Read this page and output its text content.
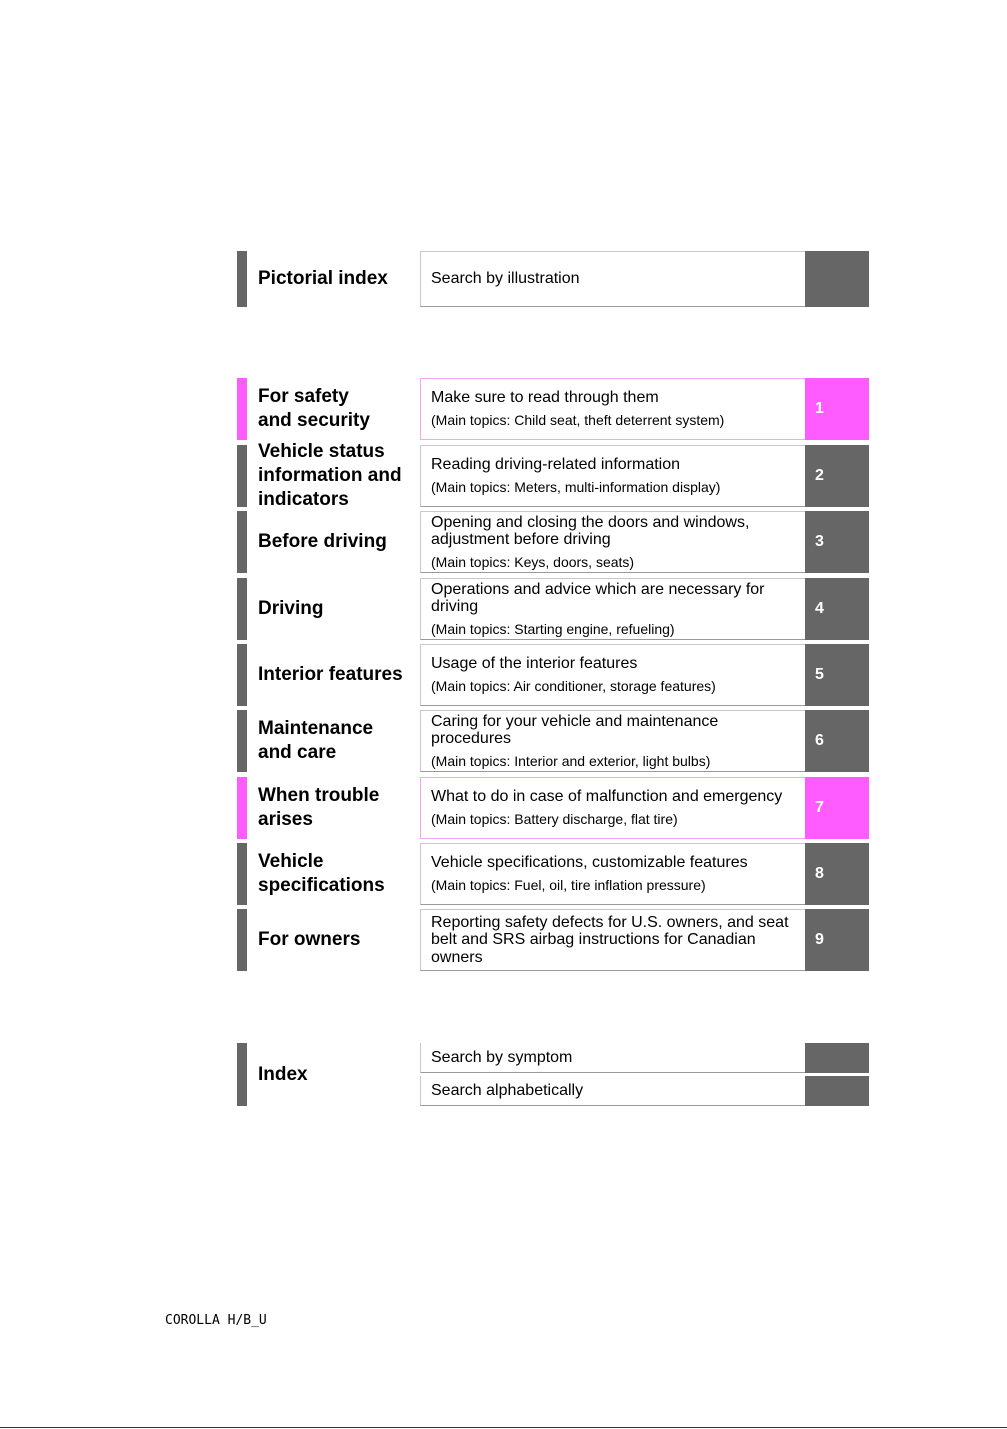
Pictorial index	Search by illustration
For safety
and security
Make sure to read through them
(Main topics: Child seat, theft deterrent system)
1
Vehicle status
information and
indicators
Reading driving-related information
(Main topics: Meters, multi-information display)
2
Before driving
Opening and closing the doors and windows, adjustment before driving
(Main topics: Keys, doors, seats)
3
Driving
Operations and advice which are necessary for driving
(Main topics: Starting engine, refueling)
4
Interior features
Usage of the interior features
(Main topics: Air conditioner, storage features)
5
Maintenance
and care
Caring for your vehicle and maintenance procedures
(Main topics: Interior and exterior, light bulbs)
6
When trouble
arises
What to do in case of malfunction and emergency
(Main topics: Battery discharge, flat tire)
7
Vehicle
specifications
Vehicle specifications, customizable features
(Main topics: Fuel, oil, tire inflation pressure)
8
For owners
Reporting safety defects for U.S. owners, and seat belt and SRS airbag instructions for Canadian owners
9
Index
Search by symptom
Search alphabetically
COROLLA H/B_U
